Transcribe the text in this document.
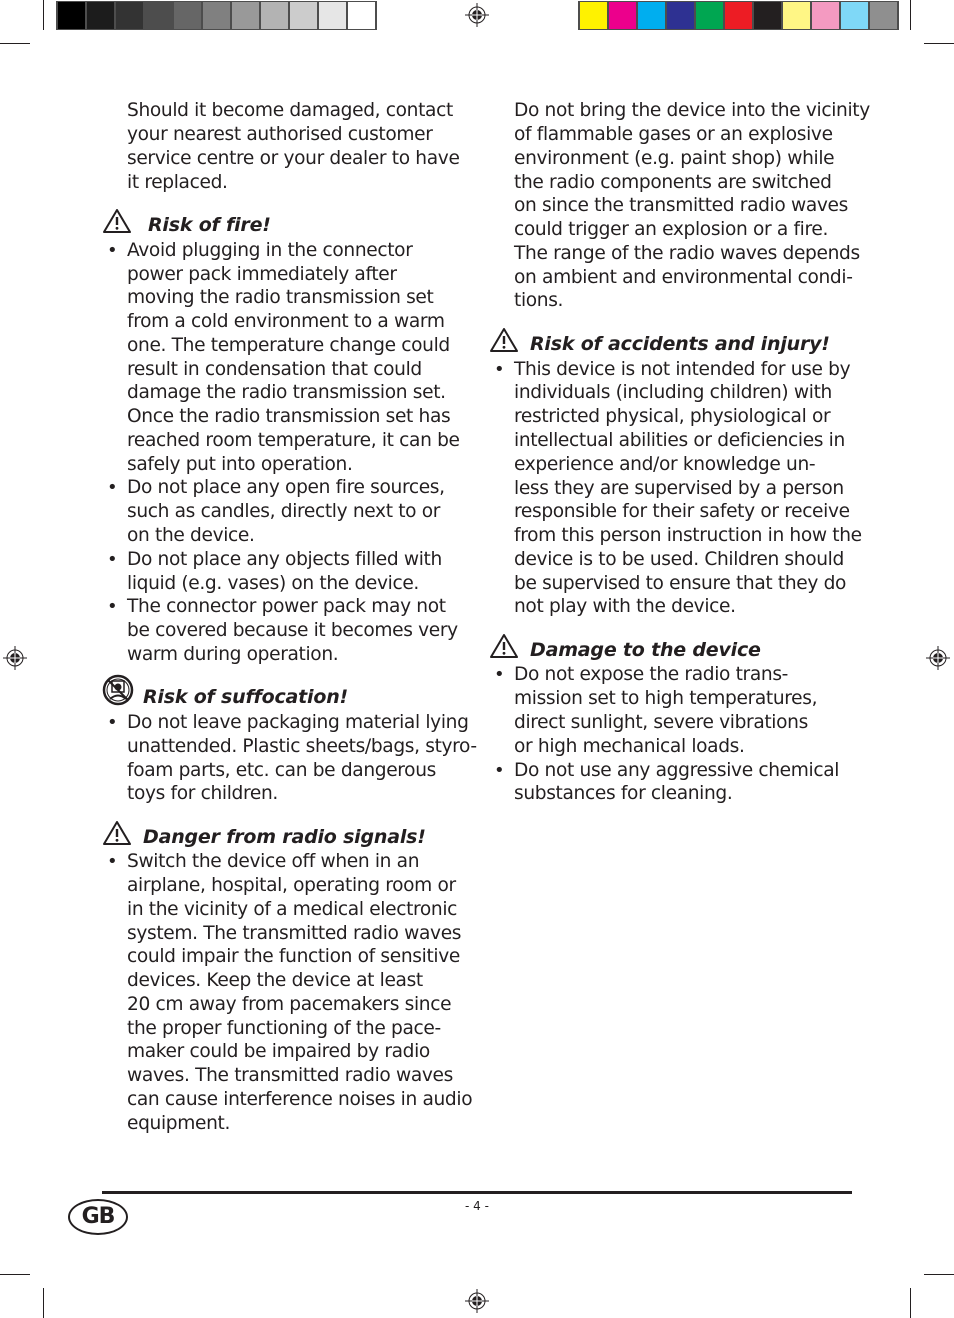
Should it become damaged, contact
your nearest authorised customer
service centre or your dealer to have
it replaced.
Risk of fire!
• Avoid plugging in the connector
power pack immediately after
moving the radio transmission set
from a cold environment to a warm
one. The temperature change could
result in condensation that could
damage the radio transmission set.
Once the radio transmission set has
reached room temperature, it can be
safely put into operation.
• Do not place any open fire sources,
such as candles, directly next to or
on the device.
• Do not place any objects filled with
liquid (e.g. vases) on the device.
• The connector power pack may not
be covered because it becomes very
warm during operation.
Risk of suffocation!
• Do not leave packaging material lying
unattended. Plastic sheets/bags, styro-
foam parts, etc. can be dangerous
toys for children.
Danger from radio signals!
• Switch the device off when in an
airplane, hospital, operating room or
in the vicinity of a medical electronic
system. The transmitted radio waves
could impair the function of sensitive
devices. Keep the device at least
20 cm away from pacemakers since
the proper functioning of the pace-
maker could be impaired by radio
waves. The transmitted radio waves
can cause interference noises in audio
equipment.
Do not bring the device into the vicinity
of flammable gases or an explosive
environment (e.g. paint shop) while
the radio components are switched
on since the transmitted radio waves
could trigger an explosion or a fire.
The range of the radio waves depends
on ambient and environmental condi-
tions.
Risk of accidents and injury!
• This device is not intended for use by
individuals (including children) with
restricted physical, physiological or
intellectual abilities or deficiencies in
experience and/or knowledge un-
less they are supervised by a person
responsible for their safety or receive
from this person instruction in how the
device is to be used. Children should
be supervised to ensure that they do
not play with the device.
Damage to the device
• Do not expose the radio trans-
mission set to high temperatures,
direct sunlight, severe vibrations
or high mechanical loads.
• Do not use any aggressive chemical
substances for cleaning.
GB	- 4 -
